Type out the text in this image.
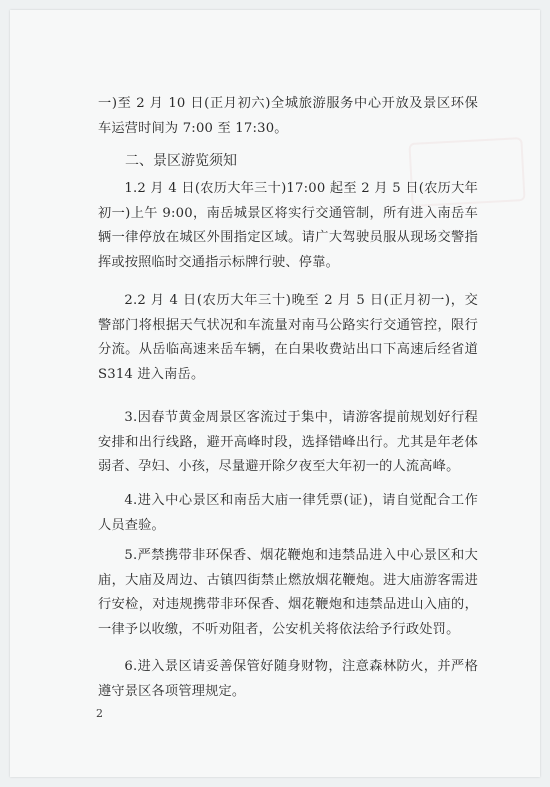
一)至 2 月 10 日(正月初六)全城旅游服务中心开放及景区环保车运营时间为 7:00 至 17:30。

二、景区游览须知

1.2 月 4 日(农历大年三十)17:00 起至 2 月 5 日(农历大年初一)上午 9:00，南岳城景区将实行交通管制，所有进入南岳车辆一律停放在城区外围指定区域。请广大驾驶员服从现场交警指挥或按照临时交通指示标牌行驶、停靠。

2.2 月 4 日(农历大年三十)晚至 2 月 5 日(正月初一)，交警部门将根据天气状况和车流量对南马公路实行交通管控，限行分流。从岳临高速来岳车辆，在白果收费站出口下高速后经省道 S314 进入南岳。

3.因春节黄金周景区客流过于集中，请游客提前规划好行程安排和出行线路，避开高峰时段，选择错峰出行。尤其是年老体弱者、孕妇、小孩，尽量避开除夕夜至大年初一的人流高峰。

4.进入中心景区和南岳大庙一律凭票(证)，请自觉配合工作人员查验。

5.严禁携带非环保香、烟花鞭炮和违禁品进入中心景区和大庙，大庙及周边、古镇四街禁止燃放烟花鞭炮。进大庙游客需进行安检，对违规携带非环保香、烟花鞭炮和违禁品进山入庙的，一律予以收缴，不听劝阻者，公安机关将依法给予行政处罚。

6.进入景区请妥善保管好随身财物，注意森林防火，并严格遵守景区各项管理规定。

2
